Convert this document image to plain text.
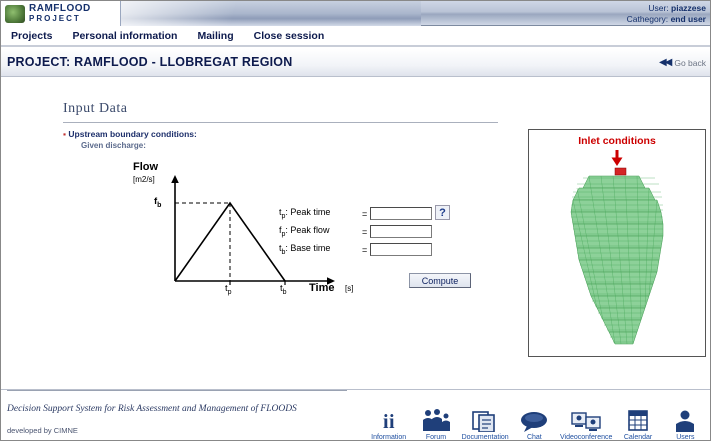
RAMFLOOD
PROJECT
User: piazzese
Cathegory: end user
Projects	Personal information	Mailing	Close session
PROJECT: RAMFLOOD - LLOBREGAT REGION	◀◀ Go back
Input Data
▪ Upstream boundary conditions:
Given discharge:
Flow
[m2/s]
$f_b$
$t_p$	$t_b$ Time [s]
$t_p$: Peak time	=
$f_p$: Peak flow	=
$t_b$: Base time	=
?
Compute
Inlet conditions
Decision Support System for Risk Assessment and Management of FLOODS
developed by CIMNE	i i
Information	Forum	Documentation	Chat	Videoconference	Calendar	Users
